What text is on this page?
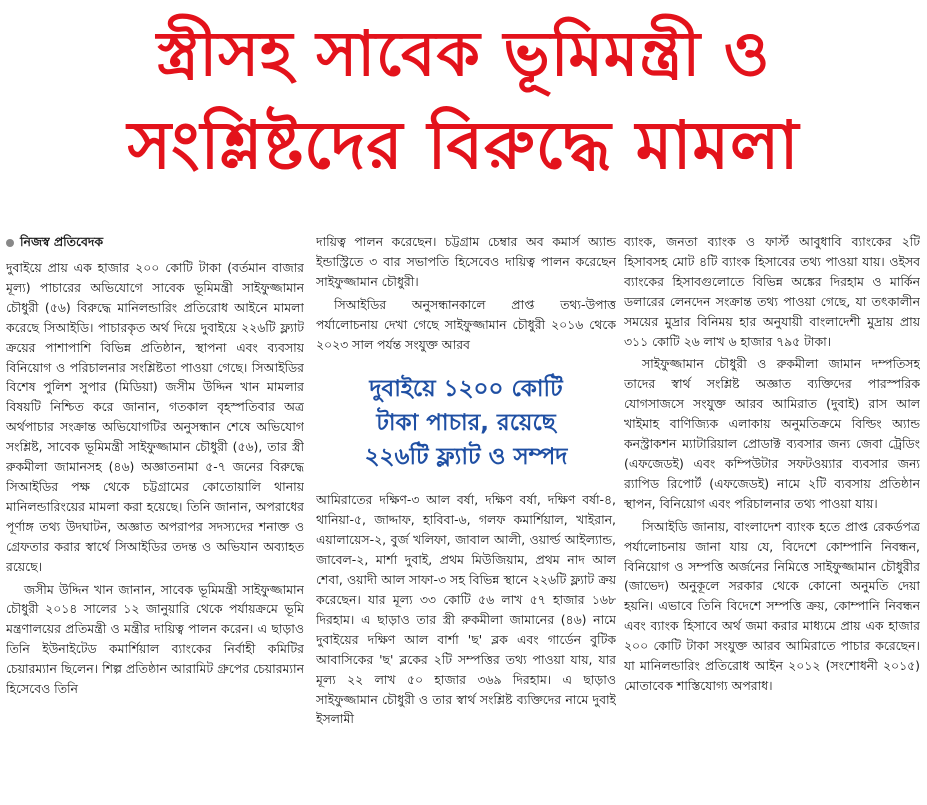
স্ত্রীসহ সাবেক ভূমিমন্ত্রী ও
সংশ্লিষ্টদের বিরুদ্ধে মামলা
নিজস্ব প্রতিবেদক

দুবাইয়ে প্রায় এক হাজার ২০০ কোটি টাকা (বর্তমান বাজার মূল্য) পাচারের অভিযোগে সাবেক ভূমিমন্ত্রী সাইফুজ্জামান চৌধুরী (৫৬) বিরুদ্ধে মানিলন্ডারিং প্রতিরোধ আইনে মামলা করেছে সিআইডি। পাচারকৃত অর্থ দিয়ে দুবাইয়ে ২২৬টি ফ্ল্যাট ক্রয়ের পাশাপাশি বিভিন্ন প্রতিষ্ঠান, স্থাপনা এবং ব্যবসায় বিনিয়োগ ও পরিচালনার সংশ্লিষ্টতা পাওয়া গেছে। সিআইডির বিশেষ পুলিশ সুপার (মিডিয়া) জসীম উদ্দিন খান মামলার বিষয়টি নিশ্চিত করে জানান, গতকাল বৃহস্পতিবার অত্র অর্থপাচার সংক্রান্ত অভিযোগটির অনুসন্ধান শেষে অভিযোগ সংশ্লিষ্ট, সাবেক ভূমিমন্ত্রী সাইফুজ্জামান চৌধুরী (৫৬), তার স্ত্রী রুকমীলা জামানসহ (৪৬) অজ্ঞাতনামা ৫-৭ জনের বিরুদ্ধে সিআইডির পক্ষ থেকে চট্টগ্রামের কোতোয়ালি থানায় মানিলন্ডারিংয়ের মামলা করা হয়েছে। তিনি জানান, অপরাধের পূর্ণাঙ্গ তথ্য উদঘাটন, অজ্ঞাত অপরাপর সদস্যদের শনাক্ত ও গ্রেফতার করার স্বার্থে সিআইডির তদন্ত ও অভিযান অব্যাহত রয়েছে।

জসীম উদ্দিন খান জানান, সাবেক ভূমিমন্ত্রী সাইফুজ্জামান চৌধুরী ২০১৪ সালের ১২ জানুয়ারি থেকে পর্যায়ক্রমে ভূমি মন্ত্রণালয়ের প্রতিমন্ত্রী ও মন্ত্রীর দায়িত্ব পালন করেন। এ ছাড়াও তিনি ইউনাইটেড কমার্শিয়াল ব্যাংকের নির্বাহী কমিটির চেয়ারম্যান ছিলেন। শিল্প প্রতিষ্ঠান আরামিট গ্রুপের চেয়ারম্যান হিসেবেও তিনি

দায়িত্ব পালন করেছেন। চট্টগ্রাম চেম্বার অব কমার্স অ্যান্ড ইন্ডাস্ট্রিতে ৩ বার সভাপতি হিসেবেও দায়িত্ব পালন করেছেন সাইফুজ্জামান চৌধুরী।

সিআইডির অনুসন্ধানকালে প্রাপ্ত তথ্য-উপাত্ত পর্যালোচনায় দেখা গেছে সাইফুজ্জামান চৌধুরী ২০১৬ থেকে ২০২৩ সাল পর্যন্ত সংযুক্ত আরব

দুবাইয়ে ১২০০ কোটি
টাকা পাচার, রয়েছে
২২৬টি ফ্ল্যাট ও সম্পদ

আমিরাতের দক্ষিণ-৩ আল বর্ষা, দক্ষিণ বর্ষা, দক্ষিণ বর্ষা-৪, থানিয়া-৫, জাদ্দাফ, হাবিবা-৬, গলফ কমার্শিয়াল, খাইরান, এয়ালায়েস-২, বুর্জ খলিফা, জাবাল আলী, ওয়ার্ল্ড আইল্যান্ড, জাবেল-২, মার্শা দুবাই, প্রথম মিউজিয়াম, প্রথম নাদ আল শেবা, ওয়াদী আল সাফা-৩ সহ বিভিন্ন স্থানে ২২৬টি ফ্ল্যাট ক্রয় করেছেন। যার মূল্য ৩৩ কোটি ৫৬ লাখ ৫৭ হাজার ১৬৮ দিরহাম। এ ছাড়াও তার স্ত্রী রুকমীলা জামানের (৪৬) নামে দুবাইয়ের দক্ষিণ আল বার্শা 'ছ' ব্লক এবং গার্ডেন বুটিক আবাসিকের 'ছ' ব্লকের ২টি সম্পত্তির তথ্য পাওয়া যায়, যার মূল্য ২২ লাখ ৫০ হাজার ৩৬৯ দিরহাম। এ ছাড়াও সাইফুজ্জামান চৌধুরী ও তার স্বার্থ সংশ্লিষ্ট ব্যক্তিদের নামে দুবাই ইসলামী

ব্যাংক, জনতা ব্যাংক ও ফার্স্ট আবুধাবি ব্যাংকের ২টি হিসাবসহ মোট ৪টি ব্যাংক হিসাবের তথ্য পাওয়া যায়। ওইসব ব্যাংকের হিসাবগুলোতে বিভিন্ন অঙ্কের দিরহাম ও মার্কিন ডলারের লেনদেন সংক্রান্ত তথ্য পাওয়া গেছে, যা তৎকালীন সময়ের মুদ্রার বিনিময় হার অনুযায়ী বাংলাদেশী মুদ্রায় প্রায় ৩১১ কোটি ২৬ লাখ ৬ হাজার ৭৯৫ টাকা।

সাইফুজ্জামান চৌধুরী ও রুকমীলা জামান দম্পতিসহ তাদের স্বার্থ সংশ্লিষ্ট অজ্ঞাত ব্যক্তিদের পারস্পরিক যোগসাজসে সংযুক্ত আরব আমিরাত (দুবাই) রাস আল খাইমাহ বাণিজ্যিক এলাকায় অনুমতিক্রমে বিল্ডিং অ্যান্ড কনস্ট্রাকশন ম্যাটারিয়াল প্রোডাক্ট ব্যবসার জন্য জেবা ট্রেডিং (এফজেডই) এবং কম্পিউটার সফটওয়্যার ব্যবসার জন্য র‍্যাপিড রিপোর্ট (এফজেডই) নামে ২টি ব্যবসায় প্রতিষ্ঠান স্থাপন, বিনিয়োগ এবং পরিচালনার তথ্য পাওয়া যায়।

সিআইডি জানায়, বাংলাদেশ ব্যাংক হতে প্রাপ্ত রেকর্ডপত্র পর্যালোচনায় জানা যায় যে, বিদেশে কোম্পানি নিবন্ধন, বিনিয়োগ ও সম্পত্তি অর্জনের নিমিত্তে সাইফুজ্জামান চৌধুরীর (জাভেদ) অনুকূলে সরকার থেকে কোনো অনুমতি দেয়া হয়নি। এভাবে তিনি বিদেশে সম্পত্তি ক্রয়, কোম্পানি নিবন্ধন এবং ব্যাংক হিসাবে অর্থ জমা করার মাধ্যমে প্রায় এক হাজার ২০০ কোটি টাকা সংযুক্ত আরব আমিরাতে পাচার করেছেন। যা মানিলন্ডারিং প্রতিরোধ আইন ২০১২ (সংশোধনী ২০১৫) মোতাবেক শাস্তিযোগ্য অপরাধ।
